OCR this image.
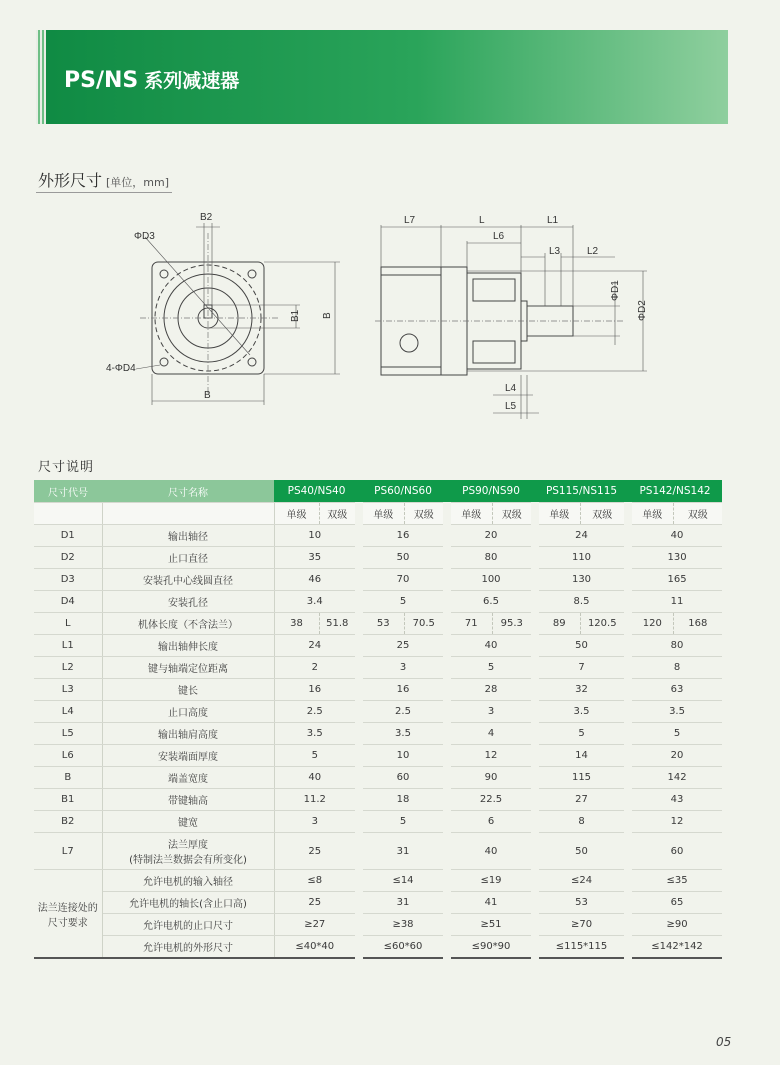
PS/NS 系列减速器
外形尺寸 [单位，mm]
B2
ΦD3
B1 B
4-ΦD4
B
L7	L	L1
L6
L3	L2
ΦD1
ΦD2
L4
L5
尺寸说明
尺寸代号	尺寸名称	PS40/NS40		PS60/NS60		PS90/NS90		PS115/NS115		PS142/NS142	
		单级	双级	单级	双级	单级	双级	单级	双级	单级	双级
D1	输出轴径	10		16		20		24		40	
D2	止口直径	35		50		80		110		130	
D3	安装孔中心线圆直径	46		70		100		130		165	
D4	安装孔径	3.4		5		6.5		8.5		11	
L	机体长度（不含法兰）	38	51.8	53	70.5	71	95.3	89	120.5	120	168
L1	输出轴伸长度	24		25		40		50		80	
L2	键与轴端定位距离	2		3		5		7		8	
L3	键长	16		16		28		32		63	
L4	止口高度	2.5		2.5		3		3.5		3.5	
L5	输出轴肩高度	3.5		3.5		4		5		5	
L6	安装端面厚度	5		10		12		14		20	
B	端盖宽度	40		60		90		115		142	
B1	带键轴高	11.2		18		22.5		27		43	
B2	键宽	3		5		6		8		12	
L7	法兰厚度
(特制法兰数据会有所变化)	25		31		40		50		60	

法兰连接处的
尺寸要求	允许电机的输入轴径	≤8		≤14		≤19		≤24		≤35	
	允许电机的轴长(含止口高)	25		31		41		53		65	
	允许电机的止口尺寸	≥27		≥38		≥51		≥70		≥90	
	允许电机的外形尺寸	≤40*40		≤60*60		≤90*90		≤115*115		≤142*142	
05
